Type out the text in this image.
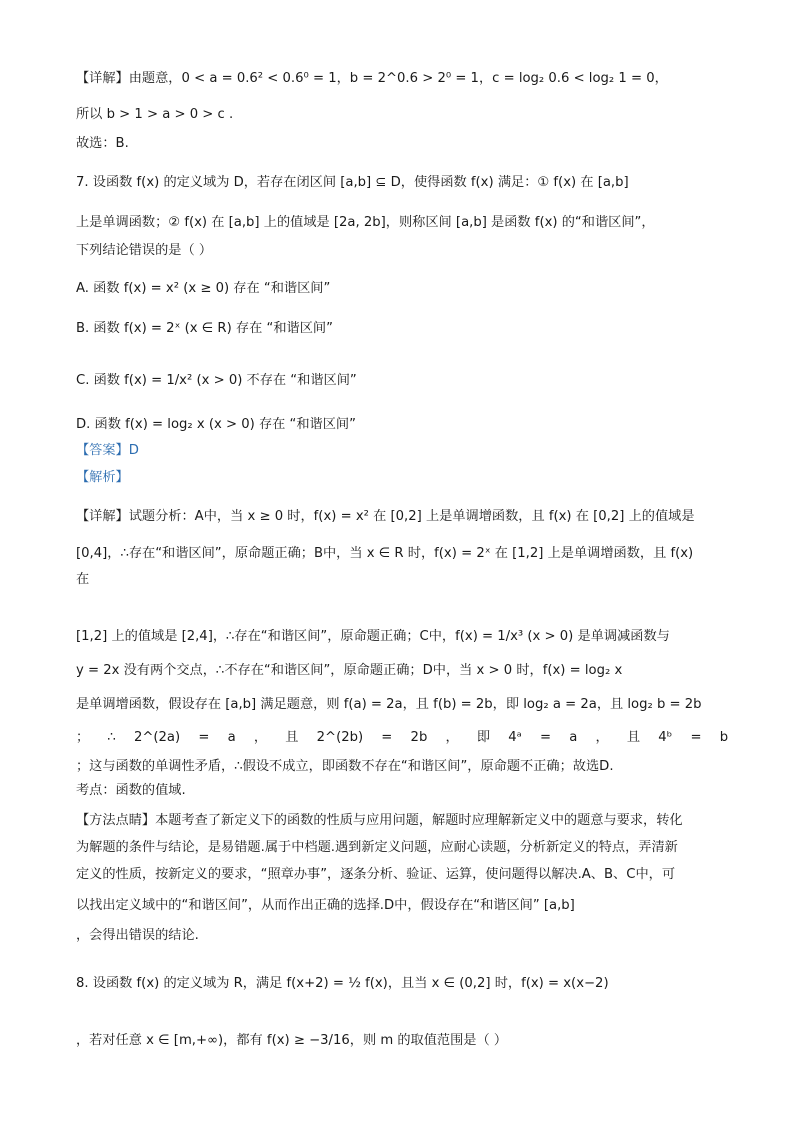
【详解】由题意，0 < a = 0.6² < 0.6⁰ = 1，b = 2^0.6 > 2⁰ = 1，c = log₂ 0.6 < log₂ 1 = 0，
所以 b > 1 > a > 0 > c .
故选：B.
7. 设函数 f(x) 的定义域为 D，若存在闭区间 [a,b] ⊆ D，使得函数 f(x) 满足：① f(x) 在 [a,b]
上是单调函数；② f(x) 在 [a,b] 上的值域是 [2a, 2b]，则称区间 [a,b] 是函数 f(x) 的“和谐区间”，
下列结论错误的是（ ）
A. 函数 f(x) = x² (x ≥ 0) 存在 “和谐区间”
B. 函数 f(x) = 2ˣ (x ∈ R) 存在 “和谐区间”
C. 函数 f(x) = 1/x² (x > 0) 不存在 “和谐区间”
D. 函数 f(x) = log₂ x (x > 0) 存在 “和谐区间”
【答案】D
【解析】
【详解】试题分析：A中，当 x ≥ 0 时，f(x) = x² 在 [0,2] 上是单调增函数，且 f(x) 在 [0,2] 上的值域是
[0,4]，∴存在“和谐区间”，原命题正确；B中，当 x ∈ R 时，f(x) = 2ˣ 在 [1,2] 上是单调增函数，且 f(x)
在
[1,2] 上的值域是 [2,4]，∴存在“和谐区间”，原命题正确；C中，f(x) = 1/x³ (x > 0) 是单调减函数与
y = 2x 没有两个交点，∴不存在“和谐区间”，原命题正确；D中，当 x > 0 时，f(x) = log₂ x
是单调增函数，假设存在 [a,b] 满足题意，则 f(a) = 2a，且 f(b) = 2b，即 log₂ a = 2a，且 log₂ b = 2b
； ∴ 2^(2a) = a ， 且 2^(2b) = 2b ， 即 4ᵃ = a ， 且 4ᵇ = b
；这与函数的单调性矛盾，∴假设不成立，即函数不存在“和谐区间”，原命题不正确；故选D.
考点：函数的值域.
【方法点睛】本题考查了新定义下的函数的性质与应用问题，解题时应理解新定义中的题意与要求，转化
为解题的条件与结论，是易错题.属于中档题.遇到新定义问题，应耐心读题，分析新定义的特点，弄清新
定义的性质，按新定义的要求，“照章办事”，逐条分析、验证、运算，使问题得以解决.A、B、C中，可
以找出定义域中的“和谐区间”，从而作出正确的选择.D中，假设存在“和谐区间” [a,b]
，会得出错误的结论.
8. 设函数 f(x) 的定义域为 R，满足 f(x+2) = ½ f(x)，且当 x ∈ (0,2] 时，f(x) = x(x−2)
，若对任意 x ∈ [m,+∞)，都有 f(x) ≥ −3/16，则 m 的取值范围是（ ）
